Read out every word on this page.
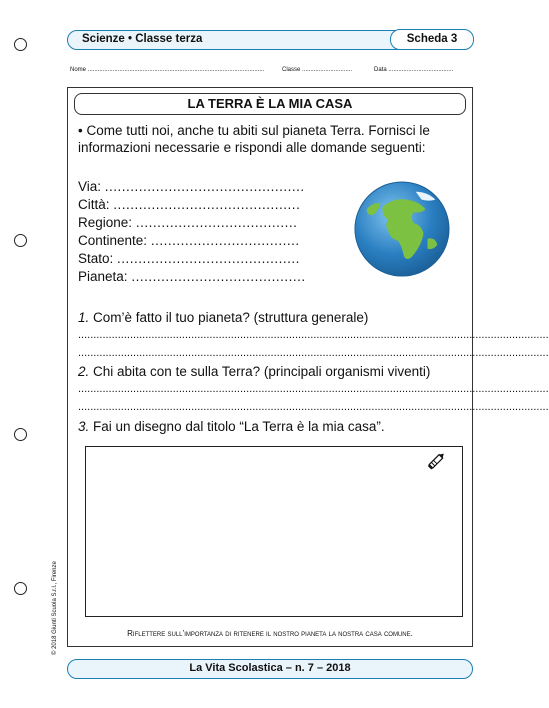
Scienze • Classe terza	Scheda 3
Nome ..........................................................................................................	Classe ..............................	Data .......................................
LA TERRA È LA MIA CASA
• Come tutti noi, anche tu abiti sul pianeta Terra. Fornisci le informazioni necessarie e rispondi alle domande seguenti:
Via: ...............................................
Città: ............................................
Regione: ......................................
Continente: ...................................
Stato: ...........................................
Pianeta: .........................................
1. Com’è fatto il tuo pianeta? (struttura generale)
..........................................................................................................................................................
..........................................................................................................................................................
2. Chi abita con te sulla Terra? (principali organismi viventi)
..........................................................................................................................................................
..........................................................................................................................................................
3. Fai un disegno dal titolo “La Terra è la mia casa”.
Riflettere sull’importanza di ritenere il nostro pianeta la nostra casa comune.
© 2018 Giunti Scuola S.r.l., Firenze
La Vita Scolastica – n. 7 – 2018
